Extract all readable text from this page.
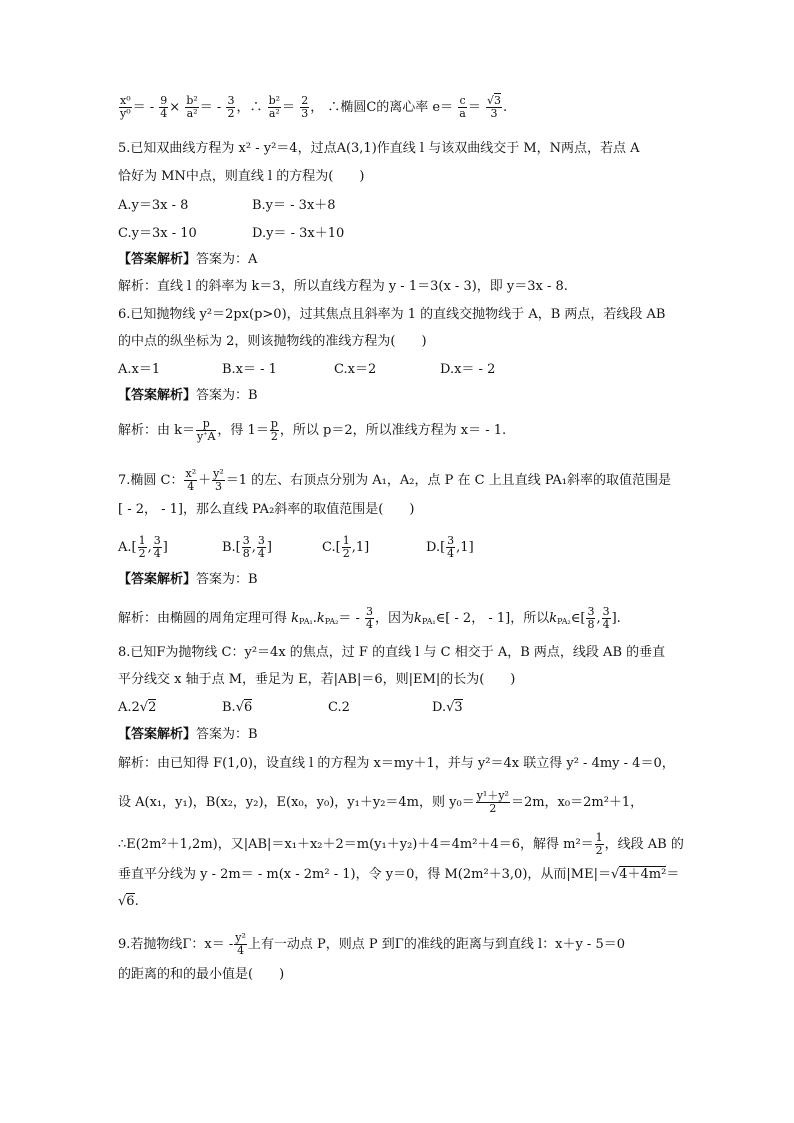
$\frac{\text{x⁰}}{\text{y⁰}}$ ＝ - $\frac{9}{4} \times \frac{\text{b²}}{\text{a²}}$ ＝ - $\frac{3}{2}$ ，∴ $\frac{\text{b²}}{\text{a²}} = \frac{2}{3}$ ， ∴椭圆C的离心率 $e= \frac{c}{a} = \frac{√3}{3}$ .
5.已知双曲线方程为 x² - y²＝4，过点A(3,1)作直线 l 与该双曲线交于 M，N两点，若点 A
恰好为 MN中点，则直线 l 的方程为(　　)
A.y＝3x - 8	B.y＝ - 3x＋8
C.y＝3x - 10	D.y＝ - 3x＋10
【答案解析】答案为：A
解析：直线 l 的斜率为 k＝3，所以直线方程为 y - 1＝3(x - 3)，即 y＝3x - 8.
6.已知抛物线 y²＝2px(p>0)，过其焦点且斜率为 1 的直线交抛物线于 A，B 两点，若线段 AB
的中点的纵坐标为 2，则该抛物线的准线方程为(　　)
A.x＝1	B.x＝ - 1	C.x＝2	D.x＝ - 2
【答案解析】答案为：B
解析：由 $k= \frac{p}{y^{_+}A}$ ，得 $1= \frac{p}{2}$ ，所以 p＝2，所以准线方程为 x＝ - 1.
7.椭圆 C： $\frac{\text{x²}}{4} + \frac{\text{y²}}{3} =1$ 的左、右顶点分别为 A₁，A₂，点 P 在 C 上且直线 PA₁斜率的取值范围是
[ - 2， - 1]，那么直线 PA₂斜率的取值范围是(　　)
$A.[ \frac{1}{2}$ , $\frac{3}{4}$ ]	$B.[ \frac{3}{8}$ , $\frac{3}{4}$ ]	$C.[ \frac{1}{2} ,1]$	$D.[ \frac{3}{4} ,1]$
【答案解析】答案为：B
解析：由椭圆的周角定理可得 $k_{PA_1}.k_{PA_2}= - \frac{3}{4}$ ，因为$k_{PA_1}\in[ - 2$， - 1]，所以$k_{PA_2}\in[ \frac{3}{8}$ , $\frac{3}{4}$ ].
8.已知F为抛物线 C：y²＝4x 的焦点，过 F 的直线 l 与 C 相交于 A，B 两点，线段 AB 的垂直
平分线交 x 轴于点 M，垂足为 E，若|AB|＝6，则|EM|的长为(　　)
A.2√2	B.√6	C.2	D.√3
【答案解析】答案为：B
解析：由已知得 F(1,0)，设直线 l 的方程为 x＝my＋1，并与 y²＝4x 联立得 y² - 4my - 4＝0，
设 A(x₁，y₁)，B(x₂，y₂)，E(x₀，y₀)，y₁＋y₂＝4m，则 $y_0= \frac{\text{y¹＋y²}}{2} =2m$，x₀＝2m²＋1，
∴E(2m²＋1,2m)，又|AB|＝x₁＋x₂＋2＝m(y₁＋y₂)＋4＝4m²＋4＝6，解得 $m^2= \frac{1}{2}$ ，线段 AB 的
垂直平分线为 y - 2m＝ - m(x - 2m² - 1)，令 y＝0，得 M(2m²＋3,0)，从而|ME|＝√4＋4m²＝
√6.
9.若抛物线Γ：$x= - \frac{\text{y²}}{4}$ 上有一动点 P，则点 P 到Γ的准线的距离与到直线 l：x＋y - 5＝0
的距离的和的最小值是(　　)
